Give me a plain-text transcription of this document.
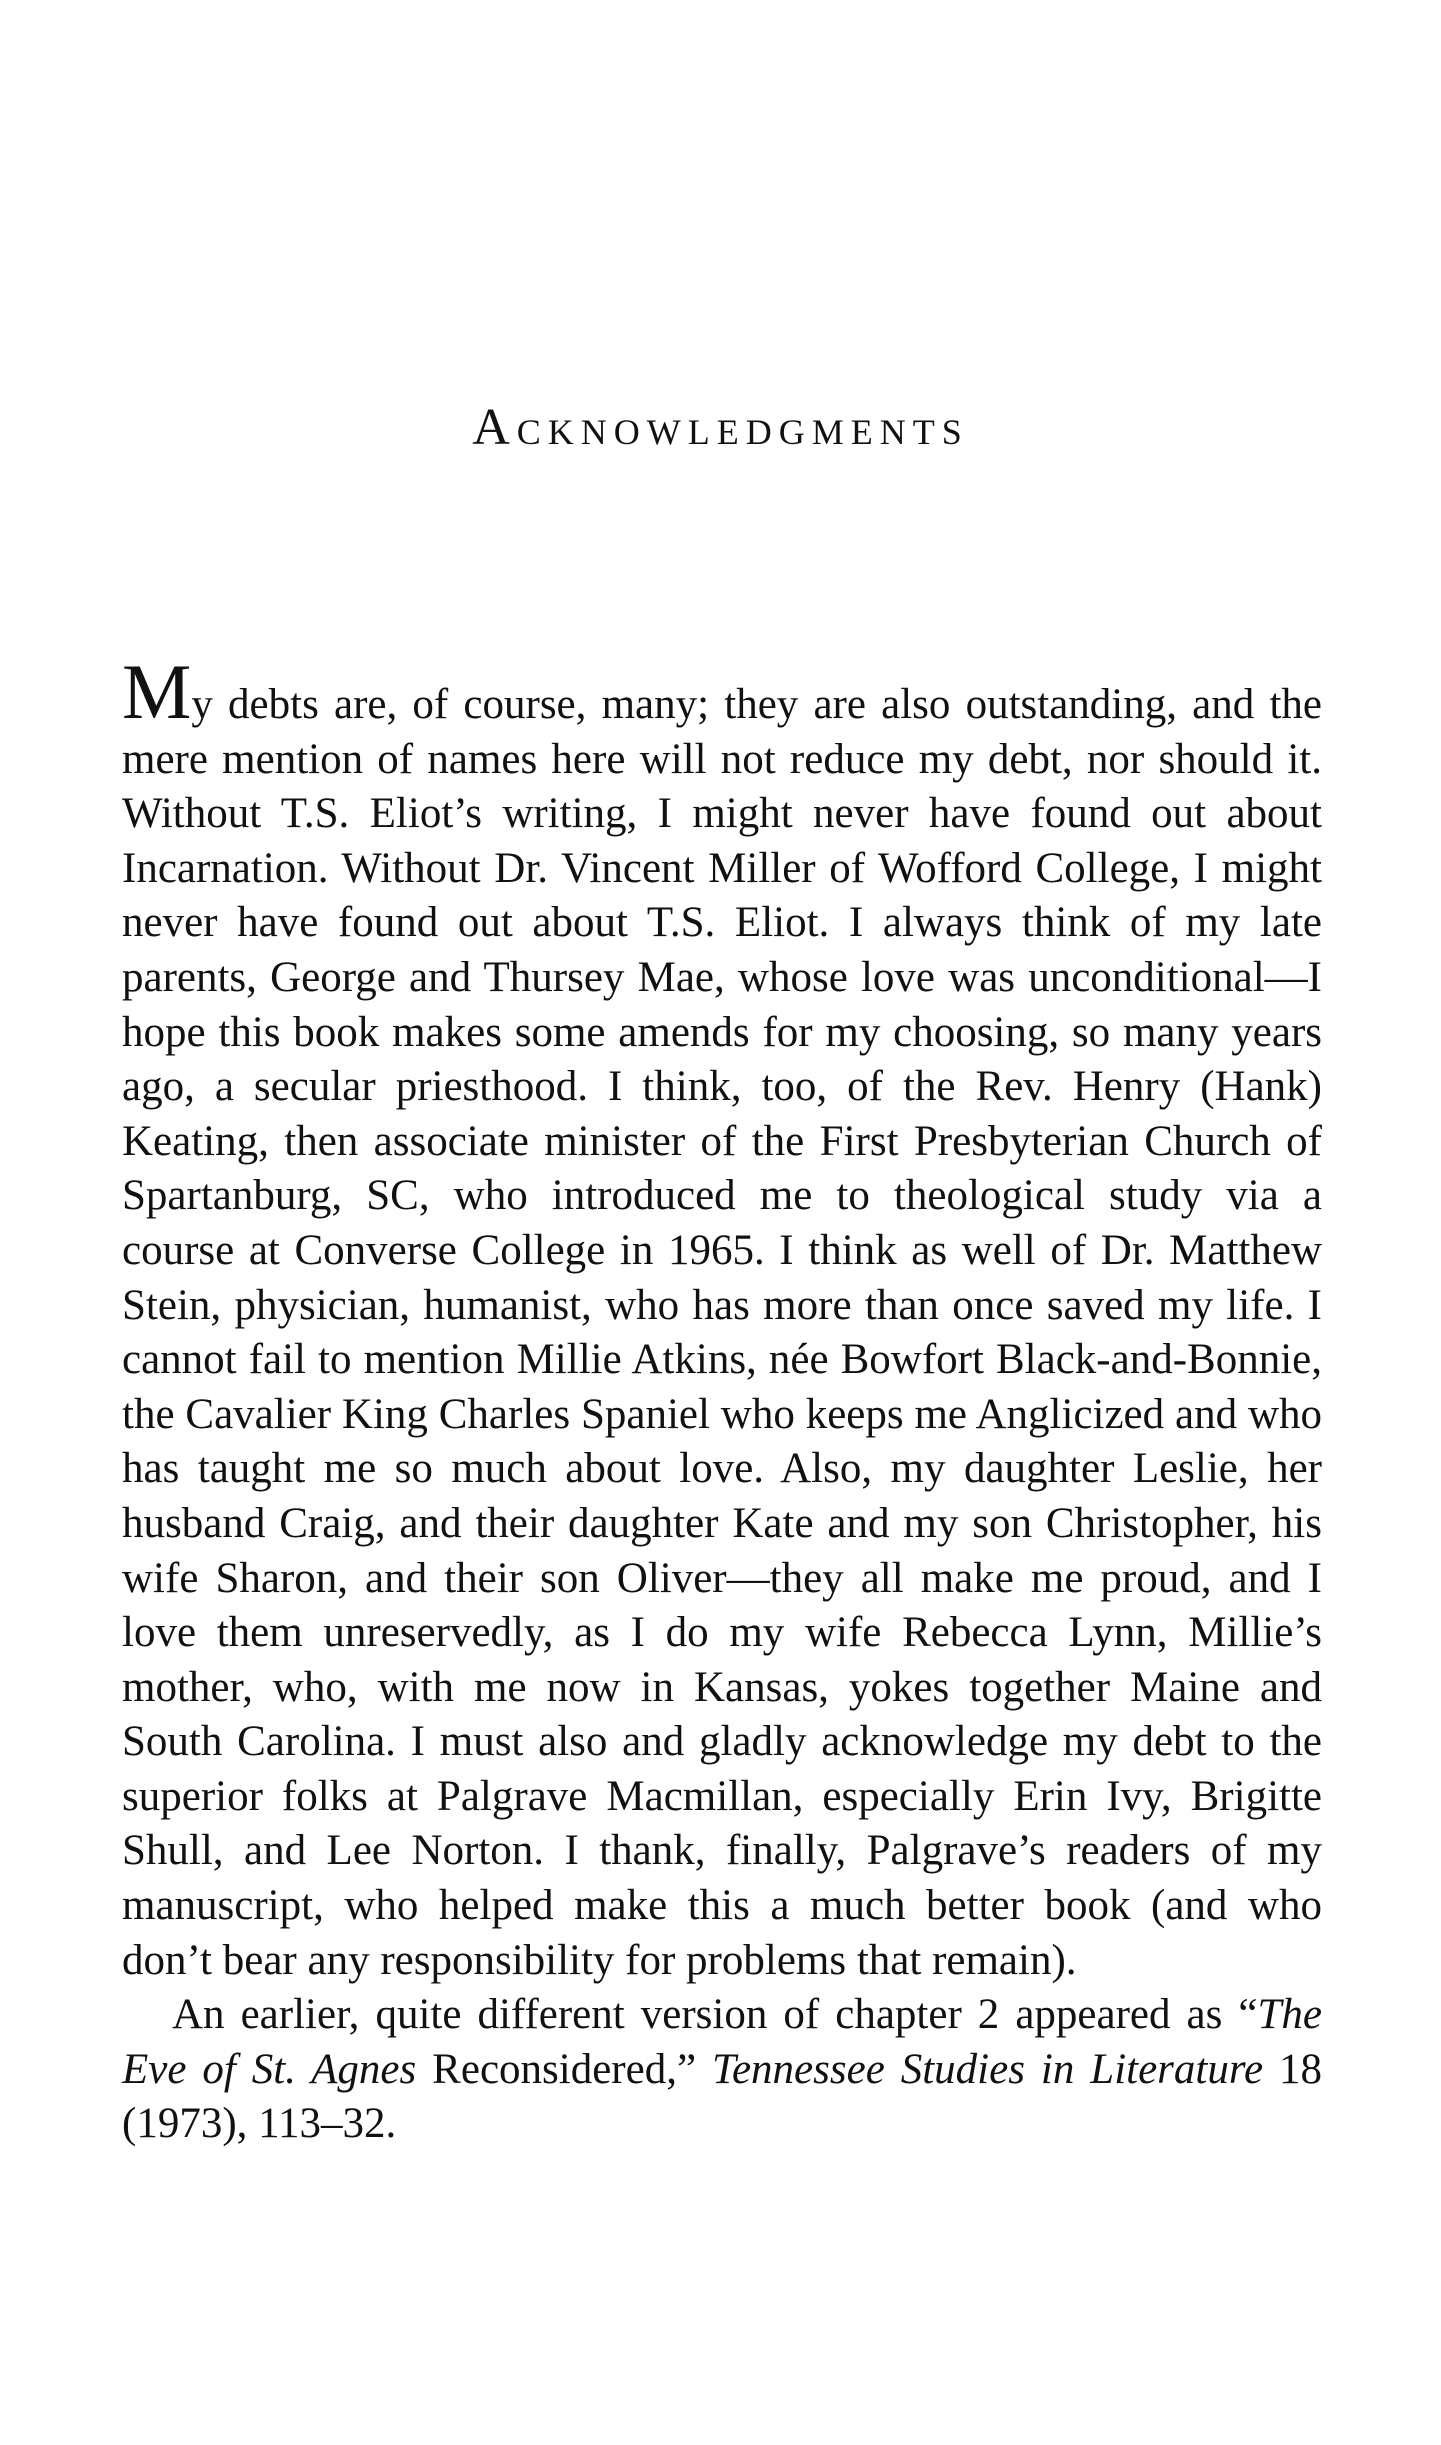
Acknowledgments

My debts are, of course, many; they are also outstanding, and the mere mention of names here will not reduce my debt, nor should it. Without T.S. Eliot’s writing, I might never have found out about Incarnation. Without Dr. Vincent Miller of Wofford College, I might never have found out about T.S. Eliot. I always think of my late parents, George and Thursey Mae, whose love was unconditional—I hope this book makes some amends for my choosing, so many years ago, a secular priesthood. I think, too, of the Rev. Henry (Hank) Keating, then associate minister of the First Presbyterian Church of Spartanburg, SC, who introduced me to theological study via a course at Converse College in 1965. I think as well of Dr. Matthew Stein, physician, humanist, who has more than once saved my life. I cannot fail to mention Millie Atkins, née Bowfort Black-and-Bonnie, the Cavalier King Charles Spaniel who keeps me Anglicized and who has taught me so much about love. Also, my daughter Leslie, her husband Craig, and their daughter Kate and my son Christopher, his wife Sharon, and their son Oliver—they all make me proud, and I love them unreservedly, as I do my wife Rebecca Lynn, Millie’s mother, who, with me now in Kansas, yokes together Maine and South Carolina. I must also and gladly acknowledge my debt to the superior folks at Palgrave Macmillan, especially Erin Ivy, Brigitte Shull, and Lee Norton. I thank, finally, Palgrave’s readers of my manuscript, who helped make this a much better book (and who don’t bear any responsibility for problems that remain).

An earlier, quite different version of chapter 2 appeared as “The Eve of St. Agnes Reconsidered,” Tennessee Studies in Literature 18 (1973), 113–32.
